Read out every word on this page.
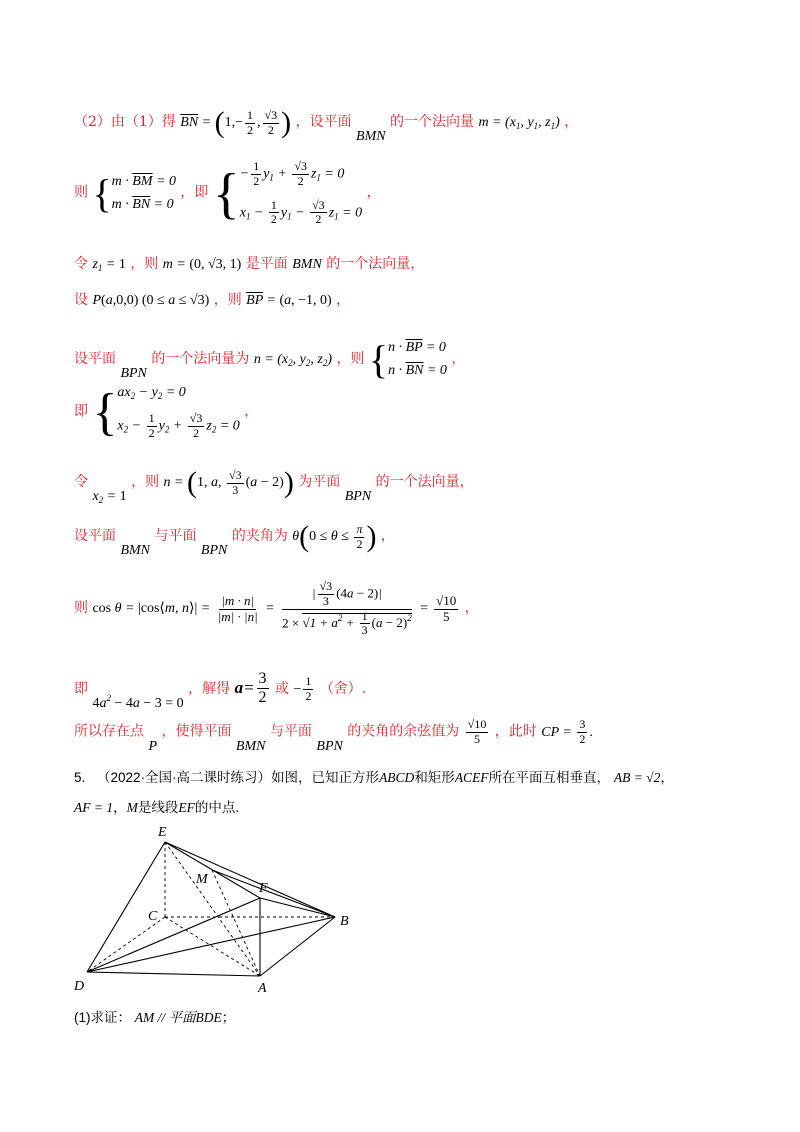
（2）由（1）得 $\overline{BN} = (1,- \frac{1}{2}$ , $\frac{√3}{2}$ ) ，设平面 BMN 的一个法向量 $m = (x_1$, $y_1$, $z_1$) ，
则 { $m \cdot \overline{BM} = 0$
$m \cdot \overline{BN} = 0$
，即 { − $\frac{1}{2} y_1 + \frac{√3}{2} z_1 = 0$
$x_1 - \frac{1}{2} y_1 - \frac{√3}{2} z_1 = 0$
，
令 $z_1 = 1$ ，则 m = (0, √3, 1) 是平面 BMN 的一个法向量，
设 P(a,0,0) (0 ≤ a ≤ √3) ，则 $\overline{BP} = (a$, −1, 0) ，
设平面 BPN 的一个法向量为 $n = (x_2$, $y_2$, $z_2$) ，则 { $n \cdot \overline{BP} = 0$
$n \cdot \overline{BN} = 0$
，
即 { $ax_2 - y_2 = 0$
$x_2 - \frac{1}{2} y_2 + \frac{√3}{2} z_2 = 0$
，
令 $x_2 = 1$ ，则 n = (1, a, $\frac{√3}{3} (a - 2)$) 为平面 BPN 的一个法向量，
设平面 BMN 与平面 BPN 的夹角为 $\theta(0 \le \theta \le \frac{\pi}{2}$ ) ，
则 cos θ = |cos⟨m, n⟩| = $\frac{|m \cdot n|}{|m| \cdot |n|} = \frac{| \frac{√3}{3} (4a - 2)|}{2 \times √1 + a^2 + \frac{1}{3} (a - 2)^2} = \frac{√10}{5}$ ，
即 $4a^2 - 4a - 3 = 0$ ，解得 $a= \frac{3}{2}$ 或 − $\frac{1}{2}$ （舍）.
所以存在点 P ，使得平面 BMN 与平面 BPN 的夹角的余弦值为 $\frac{√10}{5}$ ，此时 CP = $\frac{3}{2}$ .
5. （2022·全国·高二课时练习）如图，已知正方形ABCD和矩形ACEF所在平面互相垂直， AB = √2，
AF = 1，M是线段EF的中点.
E
M
F
C	B
D	A
(1)求证： AM // 平面BDE；
